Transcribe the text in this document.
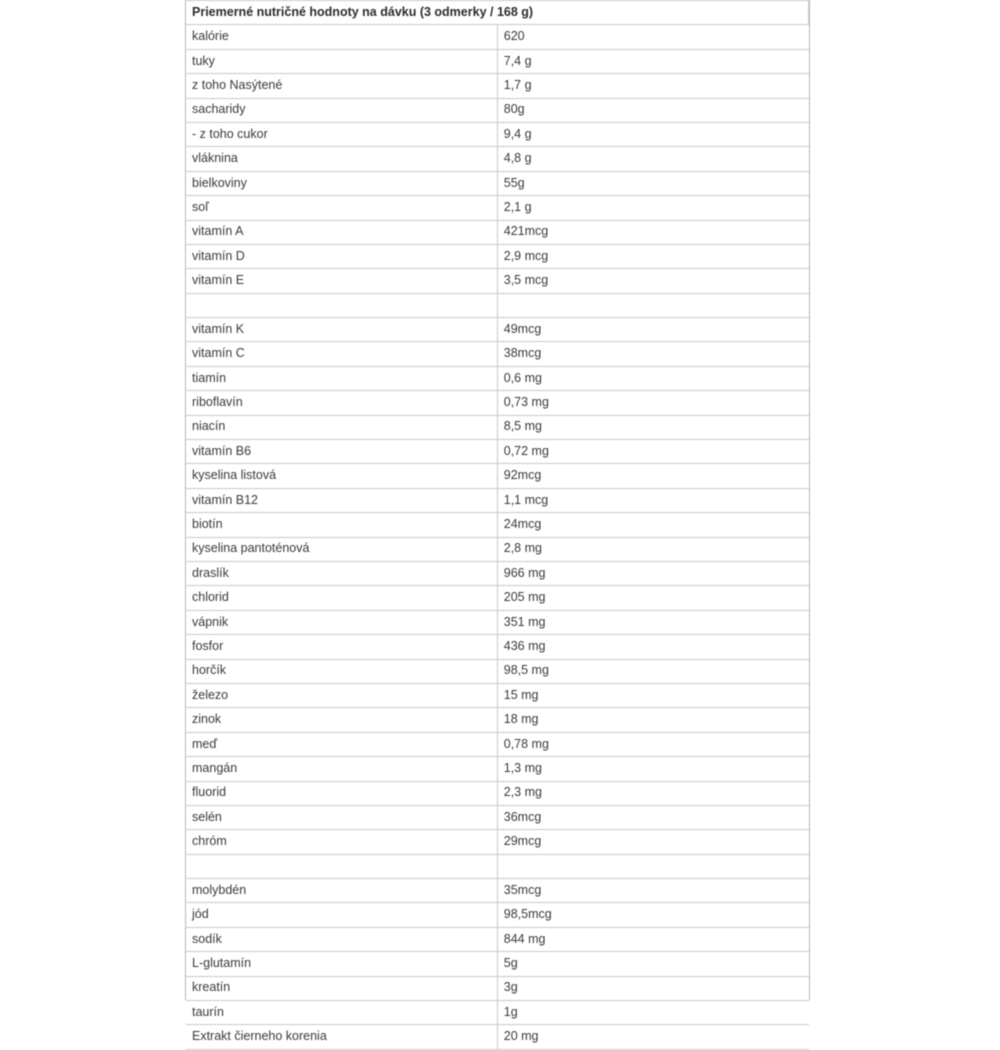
Priemerné nutričné hodnoty na dávku (3 odmerky / 168 g)	
kalórie	620
tuky	7,4 g
z toho Nasýtené	1,7 g
sacharidy	80g
- z toho cukor	9,4 g
vláknina	4,8 g
bielkoviny	55g
soľ	2,1 g
vitamín A	421mcg
vitamín D	2,9 mcg
vitamín E	3,5 mcg

vitamín K	49mcg
vitamín C	38mcg
tiamín	0,6 mg
riboflavín	0,73 mg
niacín	8,5 mg
vitamín B6	0,72 mg
kyselina listová	92mcg
vitamín B12	1,1 mcg
biotín	24mcg
kyselina pantoténová	2,8 mg
draslík	966 mg
chlorid	205 mg
vápnik	351 mg
fosfor	436 mg
horčík	98,5 mg
železo	15 mg
zinok	18 mg
meď	0,78 mg
mangán	1,3 mg
fluorid	2,3 mg
selén	36mcg
chróm	29mcg

molybdén	35mcg
jód	98,5mcg
sodík	844 mg
L-glutamín	5g
kreatín	3g
taurín	1g
Extrakt čierneho korenia	20 mg
